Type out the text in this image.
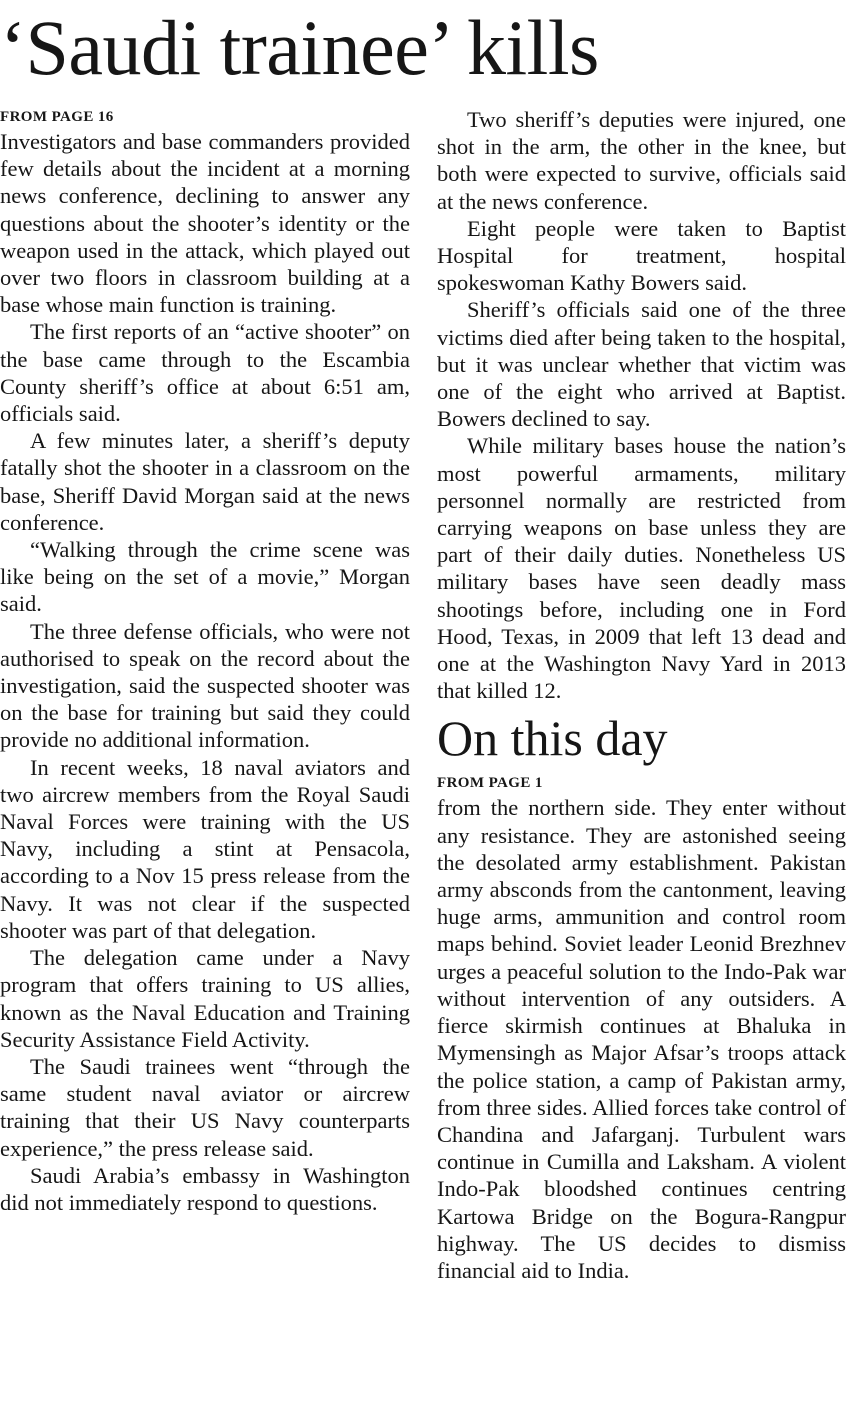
‘Saudi trainee’ kills
FROM PAGE 16

Investigators and base commanders provided few details about the incident at a morning news conference, declining to answer any questions about the shooter’s identity or the weapon used in the attack, which played out over two floors in classroom building at a base whose main function is training.

The first reports of an “active shooter” on the base came through to the Escambia County sheriff’s office at about 6:51 am, officials said.

A few minutes later, a sheriff’s deputy fatally shot the shooter in a classroom on the base, Sheriff David Morgan said at the news conference.

“Walking through the crime scene was like being on the set of a movie,” Morgan said.

The three defense officials, who were not authorised to speak on the record about the investigation, said the suspected shooter was on the base for training but said they could provide no additional information.

In recent weeks, 18 naval aviators and two aircrew members from the Royal Saudi Naval Forces were training with the US Navy, including a stint at Pensacola, according to a Nov 15 press release from the Navy. It was not clear if the suspected shooter was part of that delegation.

The delegation came under a Navy program that offers training to US allies, known as the Naval Education and Training Security Assistance Field Activity.

The Saudi trainees went “through the same student naval aviator or aircrew training that their US Navy counterparts experience,” the press release said.

Saudi Arabia’s embassy in Washington did not immediately respond to questions.

Two sheriff’s deputies were injured, one shot in the arm, the other in the knee, but both were expected to survive, officials said at the news conference.

Eight people were taken to Baptist Hospital for treatment, hospital spokeswoman Kathy Bowers said.

Sheriff’s officials said one of the three victims died after being taken to the hospital, but it was unclear whether that victim was one of the eight who arrived at Baptist. Bowers declined to say.

While military bases house the nation’s most powerful armaments, military personnel normally are restricted from carrying weapons on base unless they are part of their daily duties. Nonetheless US military bases have seen deadly mass shootings before, including one in Ford Hood, Texas, in 2009 that left 13 dead and one at the Washington Navy Yard in 2013 that killed 12.

On this day
FROM PAGE 1

from the northern side. They enter without any resistance. They are astonished seeing the desolated army establishment. Pakistan army absconds from the cantonment, leaving huge arms, ammunition and control room maps behind. Soviet leader Leonid Brezhnev urges a peaceful solution to the Indo-Pak war without intervention of any outsiders. A fierce skirmish continues at Bhaluka in Mymensingh as Major Afsar’s troops attack the police station, a camp of Pakistan army, from three sides. Allied forces take control of Chandina and Jafarganj. Turbulent wars continue in Cumilla and Laksham. A violent Indo-Pak bloodshed continues centring Kartowa Bridge on the Bogura-Rangpur highway. The US decides to dismiss financial aid to India.
